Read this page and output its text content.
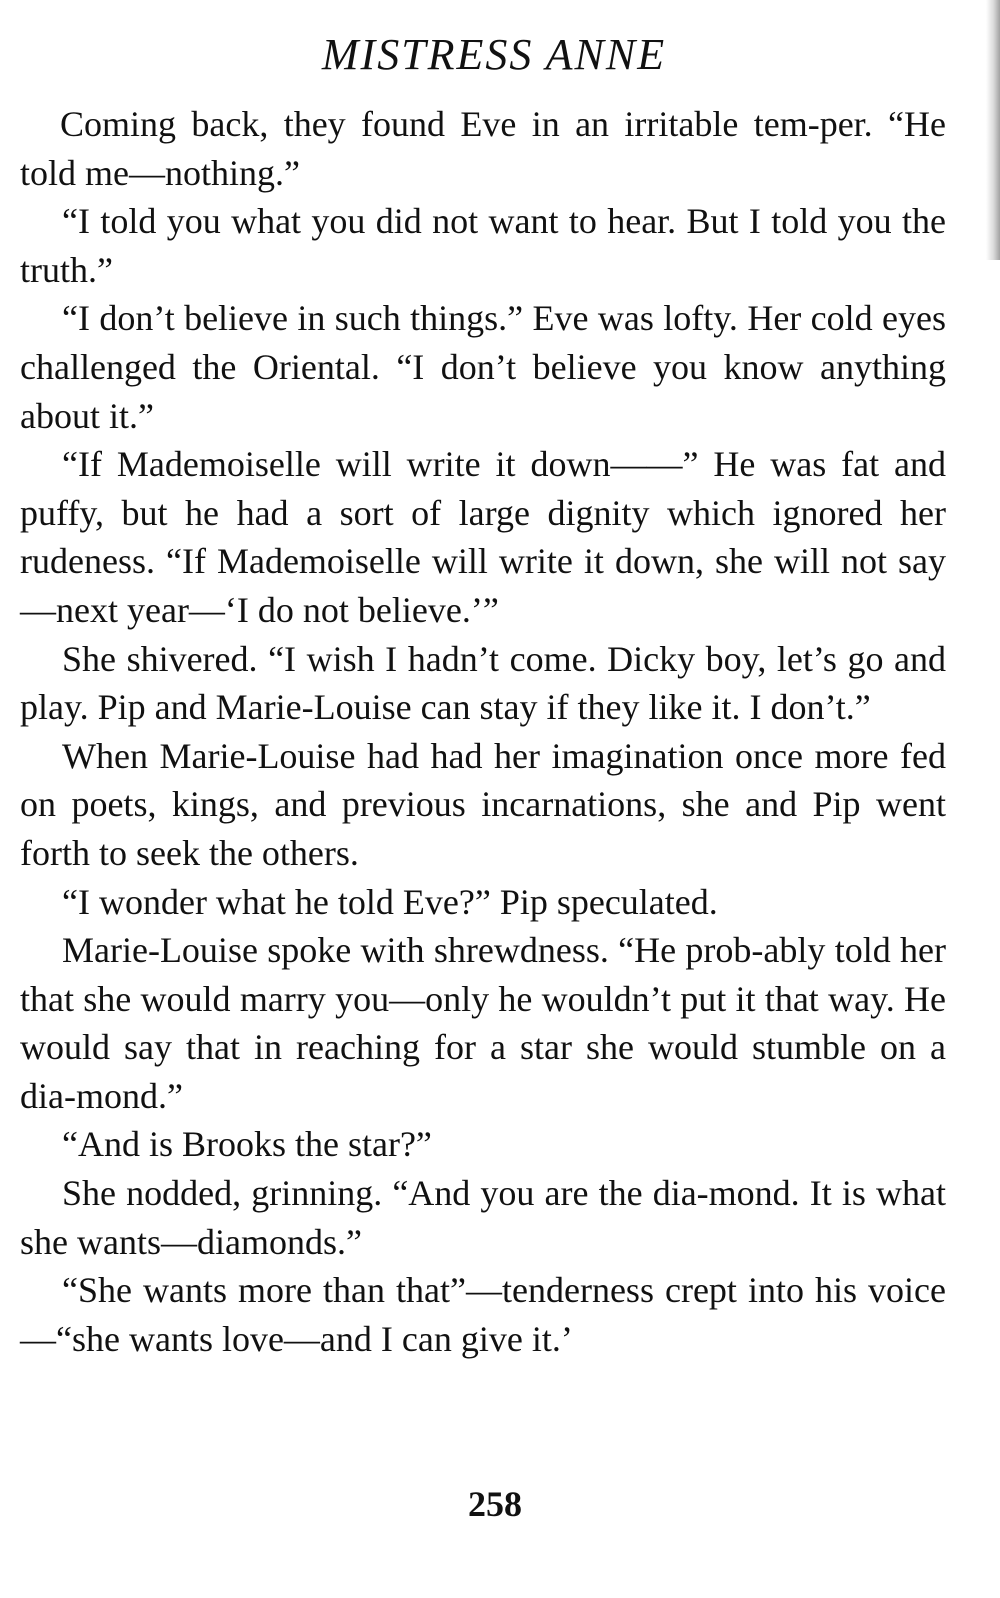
MISTRESS ANNE

Coming back, they found Eve in an irritable tem-per. “He told me—nothing.”

“I told you what you did not want to hear. But I told you the truth.”

“I don’t believe in such things.” Eve was lofty. Her cold eyes challenged the Oriental. “I don’t believe you know anything about it.”

“If Mademoiselle will write it down——” He was fat and puffy, but he had a sort of large dignity which ignored her rudeness. “If Mademoiselle will write it down, she will not say—next year—‘I do not believe.’”

She shivered. “I wish I hadn’t come. Dicky boy, let’s go and play. Pip and Marie-Louise can stay if they like it. I don’t.”

When Marie-Louise had had her imagination once more fed on poets, kings, and previous incarnations, she and Pip went forth to seek the others.

“I wonder what he told Eve?” Pip speculated.

Marie-Louise spoke with shrewdness. “He prob-ably told her that she would marry you—only he wouldn’t put it that way. He would say that in reaching for a star she would stumble on a dia-mond.”

“And is Brooks the star?”

She nodded, grinning. “And you are the dia-mond. It is what she wants—diamonds.”

“She wants more than that”—tenderness crept into his voice—“she wants love—and I can give it.’

258
